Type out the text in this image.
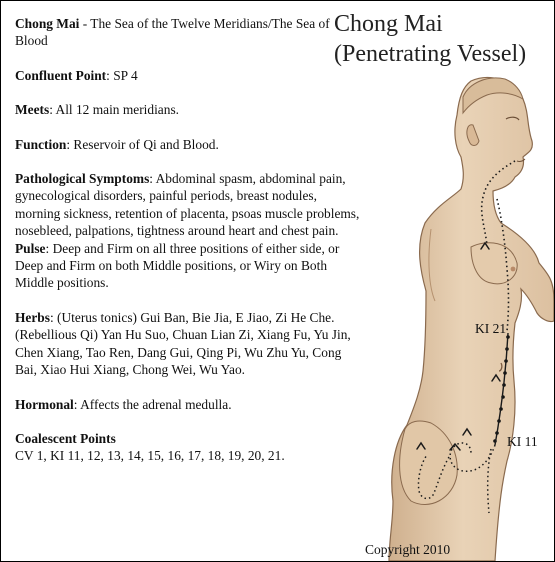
Chong Mai
(Penetrating Vessel)

Chong Mai - The Sea of the Twelve Meridians/The Sea of Blood

Confluent Point: SP 4

Meets: All 12 main meridians.

Function: Reservoir of Qi and Blood.

Pathological Symptoms: Abdominal spasm, abdominal pain, gynecological disorders, painful periods, breast nodules, morning sickness, retention of placenta, psoas muscle problems, nosebleed, palpations, tightness around heart and chest pain.

Pulse: Deep and Firm on all three positions of either side, or Deep and Firm on both Middle positions, or Wiry on Both Middle positions.

Herbs: (Uterus tonics) Gui Ban, Bie Jia, E Jiao, Zi He Che. (Rebellious Qi) Yan Hu Suo, Chuan Lian Zi, Xiang Fu, Yu Jin, Chen Xiang, Tao Ren, Dang Gui, Qing Pi, Wu Zhu Yu, Cong Bai, Xiao Hui Xiang, Chong Wei, Wu Yao.

Hormonal: Affects the adrenal medulla.

Coalescent Points
CV 1, KI 11, 12, 13, 14, 15, 16, 17, 18, 19, 20, 21.

KI 21
KI 11
Copyright 2010
